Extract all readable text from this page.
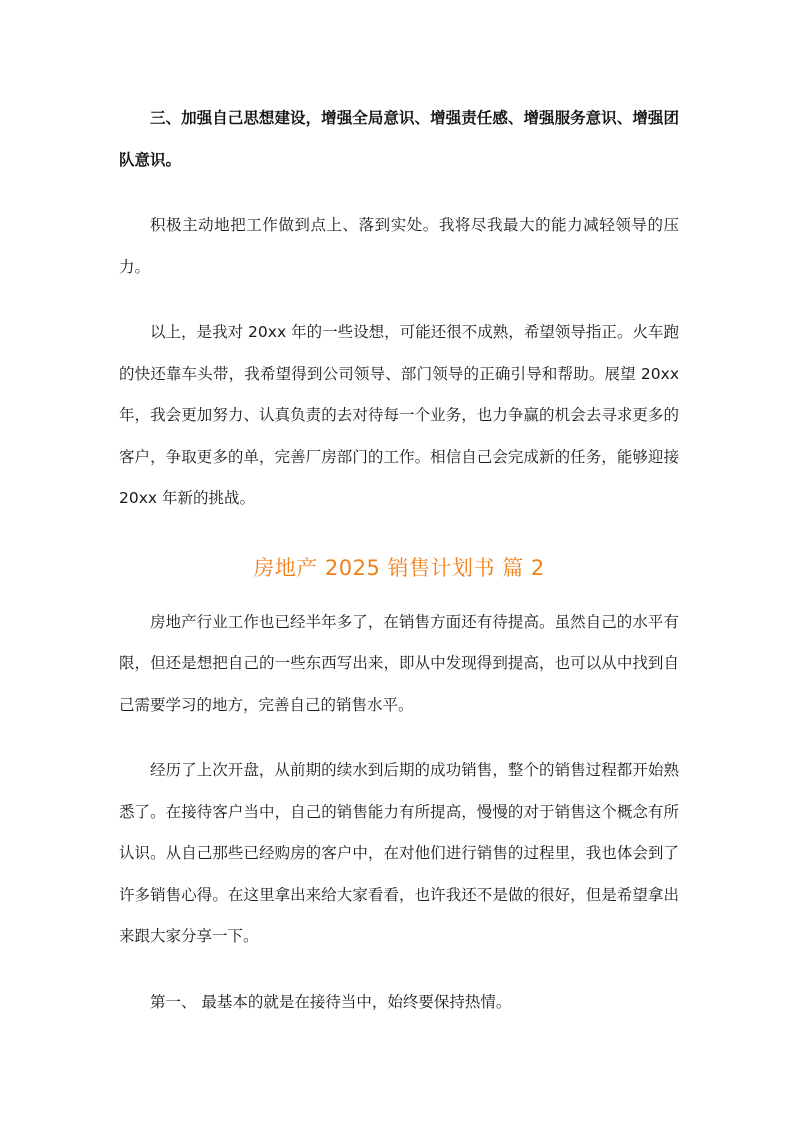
三、加强自己思想建设，增强全局意识、增强责任感、增强服务意识、增强团队意识。

积极主动地把工作做到点上、落到实处。我将尽我最大的能力减轻领导的压力。

以上，是我对 20xx 年的一些设想，可能还很不成熟，希望领导指正。火车跑的快还靠车头带，我希望得到公司领导、部门领导的正确引导和帮助。展望 20xx 年，我会更加努力、认真负责的去对待每一个业务，也力争赢的机会去寻求更多的客户，争取更多的单，完善厂房部门的工作。相信自己会完成新的任务，能够迎接 20xx 年新的挑战。

房地产 2025 销售计划书 篇 2

房地产行业工作也已经半年多了，在销售方面还有待提高。虽然自己的水平有限，但还是想把自己的一些东西写出来，即从中发现得到提高，也可以从中找到自己需要学习的地方，完善自己的销售水平。

经历了上次开盘，从前期的续水到后期的成功销售，整个的销售过程都开始熟悉了。在接待客户当中，自己的销售能力有所提高，慢慢的对于销售这个概念有所认识。从自己那些已经购房的客户中，在对他们进行销售的过程里，我也体会到了许多销售心得。在这里拿出来给大家看看，也许我还不是做的很好，但是希望拿出来跟大家分享一下。

第一、 最基本的就是在接待当中，始终要保持热情。
